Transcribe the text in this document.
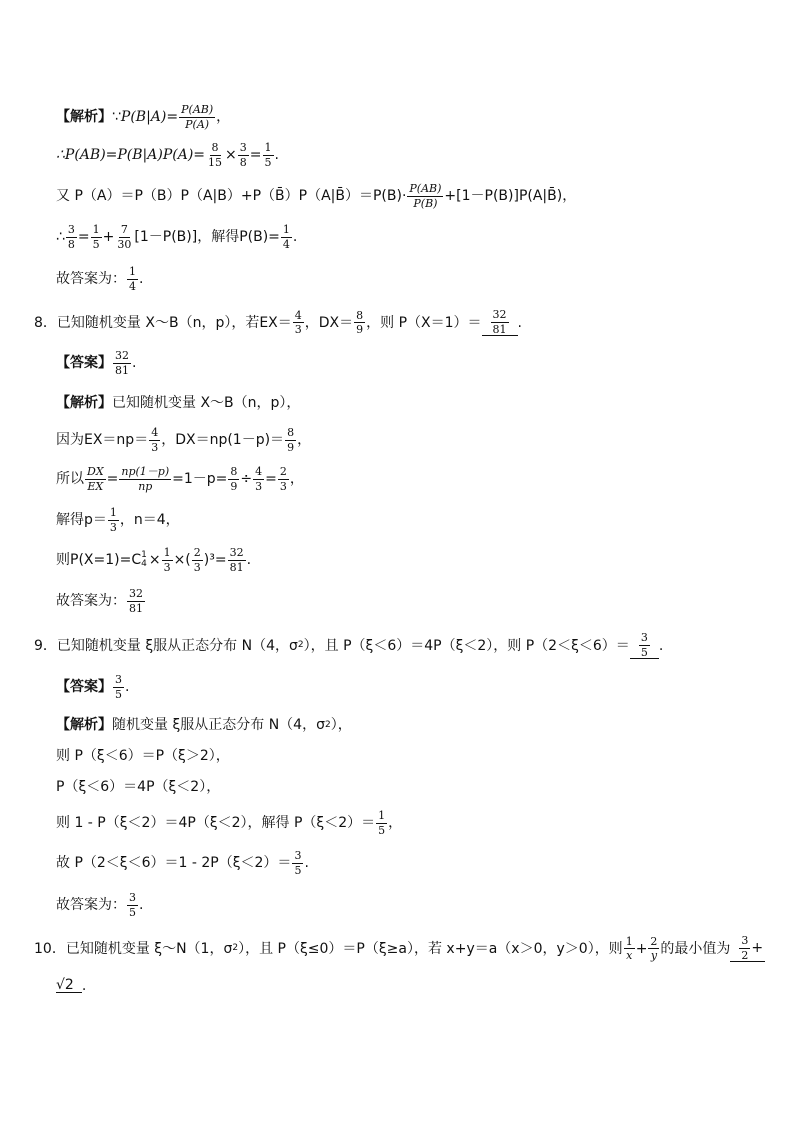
【解析】 ∵ $P(B|A)= \frac{P(AB)}{P(A)}$ ，
∴P(AB)=P(B|A)P(A)= $\frac{8}{15} \times \frac{3}{8} = \frac{1}{5}$ .
又 P（A）＝P（B）P（A|B）+P（B̄）P（A|B̄）＝P(B)· $\frac{P(AB)}{P(B)}$ +[1－P(B)]P(A|B̄)，
∴ $\frac{3}{8} = \frac{1}{5} + \frac{7}{30} [1-P(B)]$，解得$P(B)= \frac{1}{4}$ .
故答案为： $\frac{1}{4}$ .
8． 已知随机变量 X～B（n，p），若$EX= \frac{4}{3}$ ，$DX= \frac{8}{9}$ ，则 $P(X=1)= \frac{32}{81}$ .
【答案】 $\frac{32}{81}$ .
【解析】 已知随机变量 X～B（n，p），
因为$EX=np= \frac{4}{3}$ ，$DX=np(1-p)= \frac{8}{9}$ ，
所以 $\frac{DX}{EX} = \frac{np(1-p)}{np} =1-p= \frac{8}{9} \div \frac{4}{3} = \frac{2}{3}$ ，
解得$p= \frac{1}{3}$ ，n＝4，
则P(X=1)=C 1
$4 \times \frac{1}{3}$ ×( $\frac{2}{3} )^3= \frac{32}{81}$ .
故答案为： $\frac{32}{81}$
9． 已知随机变量 ξ服从正态分布 N（4，σ 2 ），且 P（ξ＜6）＝4P（ξ＜2），则 $P(2<\xi<6)= \frac{3}{5}$ .
【答案】 $\frac{3}{5}$ .
【解析】 随机变量 ξ服从正态分布 N（4，σ 2 ），
则 P（ξ＜6）＝P（ξ＞2），
P（ξ＜6）＝4P（ξ＜2），
则 1 - P（ξ＜2）＝4P（ξ＜2），解得 $P(\xi<2)= \frac{1}{5}$ ，
故 $P(2<\xi<6)=1 - 2P(\xi<2)= \frac{3}{5}$ .
故答案为： $\frac{3}{5}$ .
10． 已知随机变量 ξ～N（1，σ 2 ），且 P（ξ≤0）＝P（ξ≥a），若 x+y＝a（x＞0，y＞0），则 $\frac{1}{x} + \frac{2}{y}$ 的最小值为 $\frac{3}{2}$ +
√2 .
